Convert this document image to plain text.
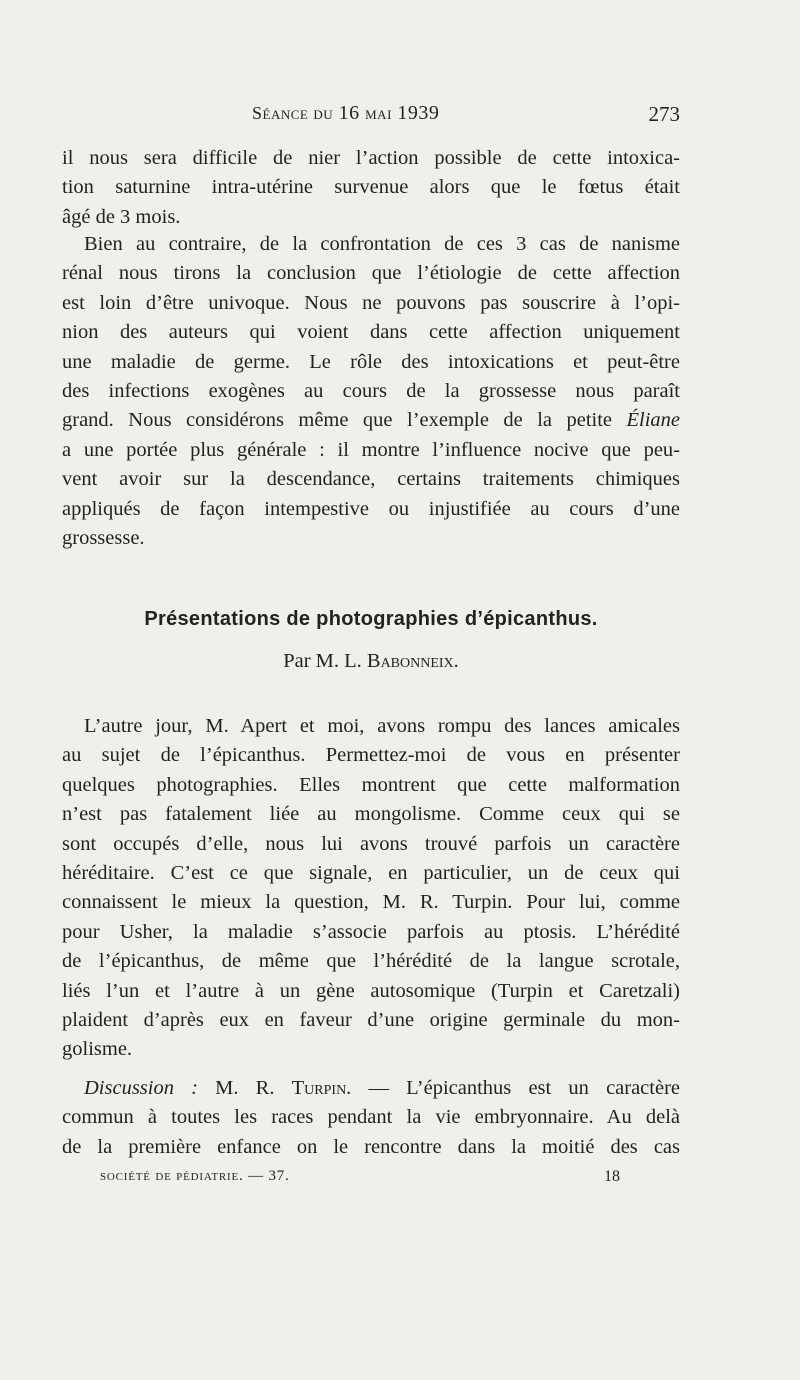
Séance du 16 mai 1939	273
il nous sera difficile de nier l’action possible de cette intoxica-
tion saturnine intra-utérine survenue alors que le fœtus était
âgé de 3 mois.
Bien au contraire, de la confrontation de ces 3 cas de nanisme
rénal nous tirons la conclusion que l’étiologie de cette affection
est loin d’être univoque. Nous ne pouvons pas souscrire à l’opi-
nion des auteurs qui voient dans cette affection uniquement
une maladie de germe. Le rôle des intoxications et peut-être
des infections exogènes au cours de la grossesse nous paraît
grand. Nous considérons même que l’exemple de la petite Éliane
a une portée plus générale : il montre l’influence nocive que peu-
vent avoir sur la descendance, certains traitements chimiques
appliqués de façon intempestive ou injustifiée au cours d’une
grossesse.
Présentations de photographies d’épicanthus.
Par M. L. Babonneix.
L’autre jour, M. Apert et moi, avons rompu des lances amicales
au sujet de l’épicanthus. Permettez-moi de vous en présenter
quelques photographies. Elles montrent que cette malformation
n’est pas fatalement liée au mongolisme. Comme ceux qui se
sont occupés d’elle, nous lui avons trouvé parfois un caractère
héréditaire. C’est ce que signale, en particulier, un de ceux qui
connaissent le mieux la question, M. R. Turpin. Pour lui, comme
pour Usher, la maladie s’associe parfois au ptosis. L’hérédité
de l’épicanthus, de même que l’hérédité de la langue scrotale,
liés l’un et l’autre à un gène autosomique (Turpin et Caretzali)
plaident d’après eux en faveur d’une origine germinale du mon-
golisme.
Discussion : M. R. Turpin. — L’épicanthus est un caractère
commun à toutes les races pendant la vie embryonnaire. Au delà
de la première enfance on le rencontre dans la moitié des cas
société de pédiatrie. — 37.	18
